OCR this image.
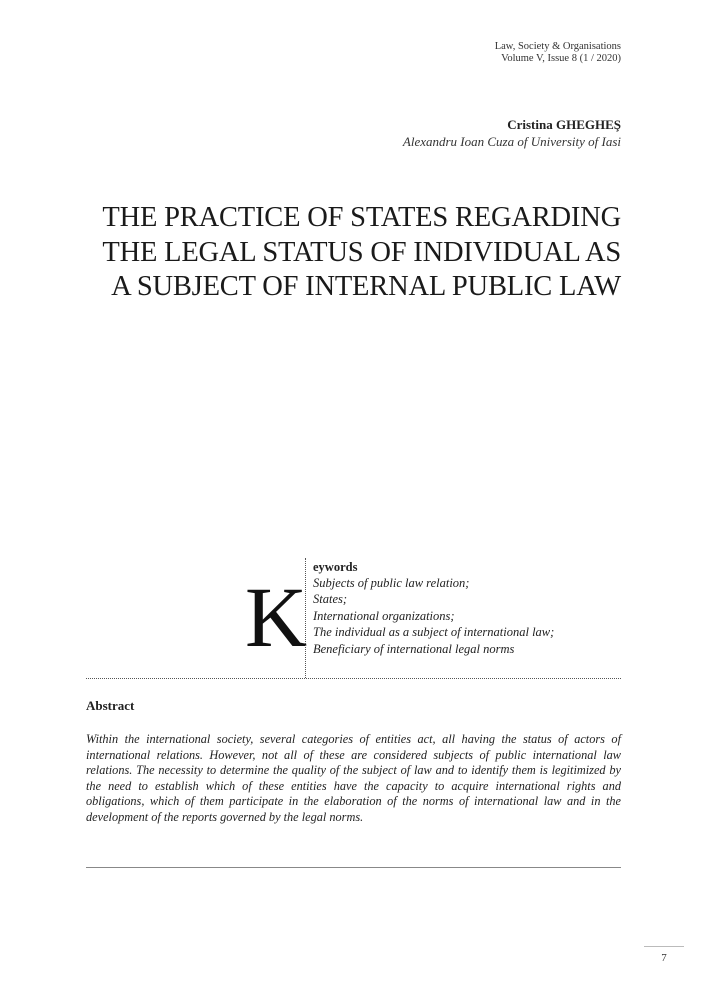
Law, Society & Organisations
Volume V, Issue 8 (1 / 2020)
Cristina GHEGHEŞ
Alexandru Ioan Cuza of University of Iasi
THE PRACTICE OF STATES REGARDING
THE LEGAL STATUS OF INDIVIDUAL AS
A SUBJECT OF INTERNAL PUBLIC LAW
K
eywords
Subjects of public law relation;
States;
International organizations;
The individual as a subject of international law;
Beneficiary of international legal norms
Abstract

Within the international society, several categories of entities act, all having the status of actors of international relations. However, not all of these are considered subjects of public international law relations. The necessity to determine the quality of the subject of law and to identify them is legitimized by the need to establish which of these entities have the capacity to acquire international rights and obligations, which of them participate in the elaboration of the norms of international law and in the development of the reports governed by the legal norms.

7
